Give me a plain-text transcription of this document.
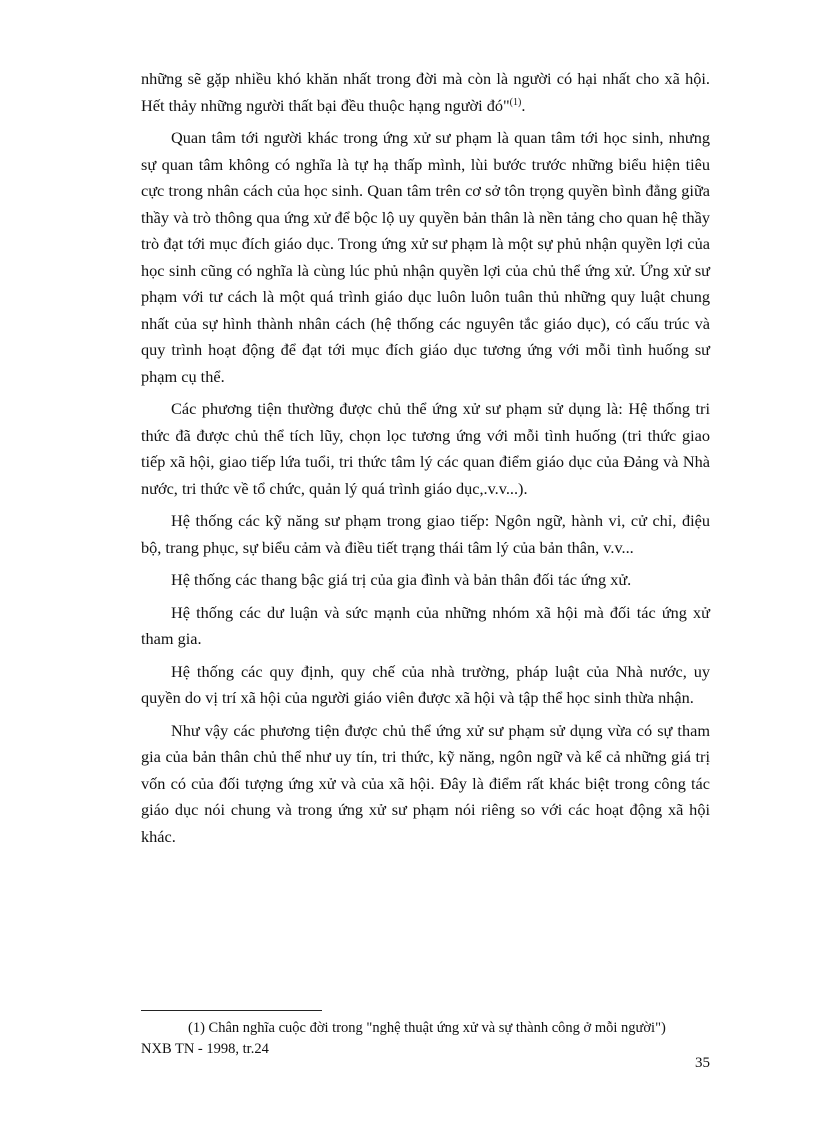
những sẽ gặp nhiều khó khăn nhất trong đời mà còn là người có hại nhất cho xã hội. Hết thảy những người thất bại đều thuộc hạng người đó"$^{(1)}$.

Quan tâm tới người khác trong ứng xử sư phạm là quan tâm tới học sinh, nhưng sự quan tâm không có nghĩa là tự hạ thấp mình, lùi bước trước những biểu hiện tiêu cực trong nhân cách của học sinh. Quan tâm trên cơ sở tôn trọng quyền bình đẳng giữa thầy và trò thông qua ứng xử để bộc lộ uy quyền bản thân là nền tảng cho quan hệ thầy trò đạt tới mục đích giáo dục. Trong ứng xử sư phạm là một sự phủ nhận quyền lợi của học sinh cũng có nghĩa là cùng lúc phủ nhận quyền lợi của chủ thể ứng xử. Ứng xử sư phạm với tư cách là một quá trình giáo dục luôn luôn tuân thủ những quy luật chung nhất của sự hình thành nhân cách (hệ thống các nguyên tắc giáo dục), có cấu trúc và quy trình hoạt động để đạt tới mục đích giáo dục tương ứng với mỗi tình huống sư phạm cụ thể.

Các phương tiện thường được chủ thể ứng xử sư phạm sử dụng là: Hệ thống tri thức đã được chủ thể tích lũy, chọn lọc tương ứng với mỗi tình huống (tri thức giao tiếp xã hội, giao tiếp lứa tuổi, tri thức tâm lý các quan điểm giáo dục của Đảng và Nhà nước, tri thức về tổ chức, quản lý quá trình giáo dục,.v.v...).

Hệ thống các kỹ năng sư phạm trong giao tiếp: Ngôn ngữ, hành vi, cử chỉ, điệu bộ, trang phục, sự biểu cảm và điều tiết trạng thái tâm lý của bản thân, v.v...

Hệ thống các thang bậc giá trị của gia đình và bản thân đối tác ứng xử.

Hệ thống các dư luận và sức mạnh của những nhóm xã hội mà đối tác ứng xử tham gia.

Hệ thống các quy định, quy chế của nhà trường, pháp luật của Nhà nước, uy quyền do vị trí xã hội của người giáo viên được xã hội và tập thể học sinh thừa nhận.

Như vậy các phương tiện được chủ thể ứng xử sư phạm sử dụng vừa có sự tham gia của bản thân chủ thể như uy tín, tri thức, kỹ năng, ngôn ngữ và kể cả những giá trị vốn có của đối tượng ứng xử và của xã hội. Đây là điểm rất khác biệt trong công tác giáo dục nói chung và trong ứng xử sư phạm nói riêng so với các hoạt động xã hội khác.

(1) Chân nghĩa cuộc đời trong "nghệ thuật ứng xử và sự thành công ở mỗi người")
NXB TN - 1998, tr.24
35
